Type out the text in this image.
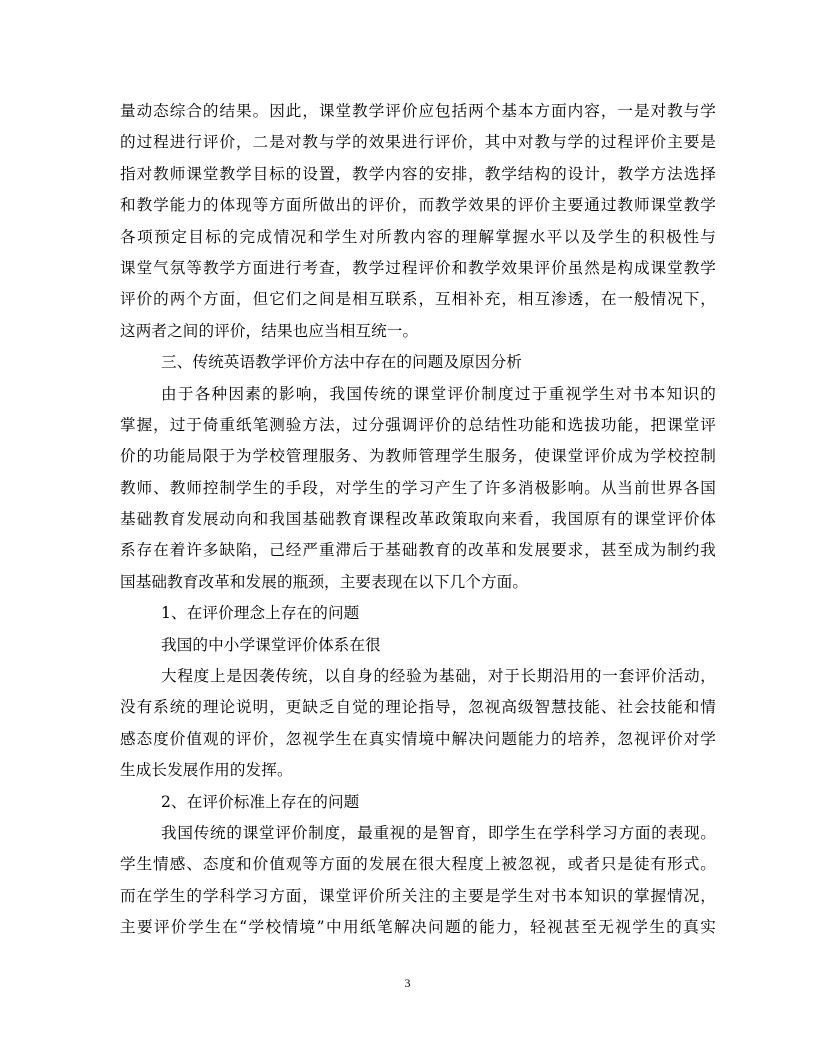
量动态综合的结果。因此，课堂教学评价应包括两个基本方面内容，一是对教与学
的过程进行评价，二是对教与学的效果进行评价，其中对教与学的过程评价主要是
指对教师课堂教学目标的设置，教学内容的安排，教学结构的设计，教学方法选择
和教学能力的体现等方面所做出的评价，而教学效果的评价主要通过教师课堂教学
各项预定目标的完成情况和学生对所教内容的理解掌握水平以及学生的积极性与
课堂气氛等教学方面进行考查，教学过程评价和教学效果评价虽然是构成课堂教学
评价的两个方面，但它们之间是相互联系，互相补充，相互渗透，在一般情况下，
这两者之间的评价，结果也应当相互统一。
三、传统英语教学评价方法中存在的问题及原因分析
由于各种因素的影响，我国传统的课堂评价制度过于重视学生对书本知识的
掌握，过于倚重纸笔测验方法，过分强调评价的总结性功能和选拔功能，把课堂评
价的功能局限于为学校管理服务、为教师管理学生服务，使课堂评价成为学校控制
教师、教师控制学生的手段，对学生的学习产生了许多消极影响。从当前世界各国
基础教育发展动向和我国基础教育课程改革政策取向来看，我国原有的课堂评价体
系存在着许多缺陷，己经严重滞后于基础教育的改革和发展要求，甚至成为制约我
国基础教育改革和发展的瓶颈，主要表现在以下几个方面。
1、在评价理念上存在的问题
我国的中小学课堂评价体系在很
大程度上是因袭传统，以自身的经验为基础，对于长期沿用的一套评价活动，
没有系统的理论说明，更缺乏自觉的理论指导，忽视高级智慧技能、社会技能和情
感态度价值观的评价，忽视学生在真实情境中解决问题能力的培养，忽视评价对学
生成长发展作用的发挥。
2、在评价标准上存在的问题
我国传统的课堂评价制度，最重视的是智育，即学生在学科学习方面的表现。
学生情感、态度和价值观等方面的发展在很大程度上被忽视，或者只是徒有形式。
而在学生的学科学习方面，课堂评价所关注的主要是学生对书本知识的掌握情况，
主要评价学生在“学校情境”中用纸笔解决问题的能力，轻视甚至无视学生的真实
3
